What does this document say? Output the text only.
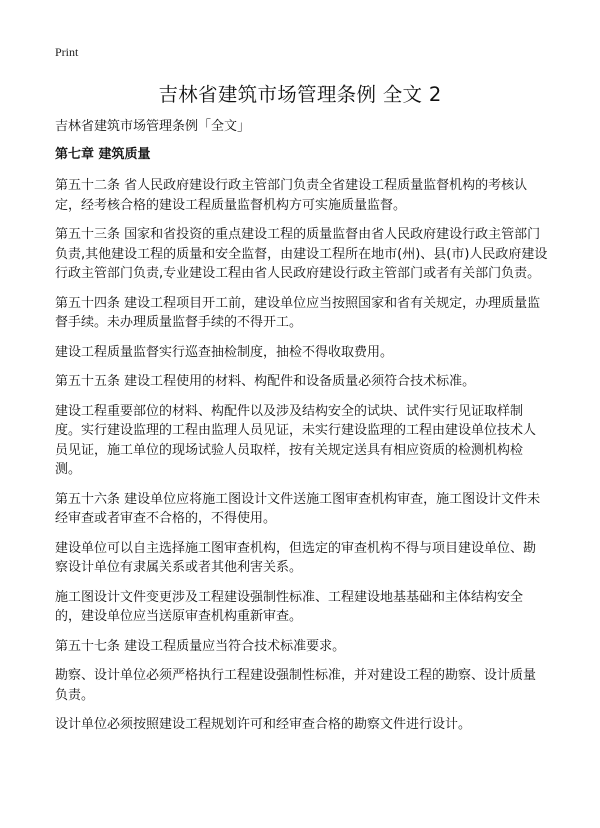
Print
吉林省建筑市场管理条例 全文 2

吉林省建筑市场管理条例「全文」

第七章 建筑质量

第五十二条 省人民政府建设行政主管部门负责全省建设工程质量监督机构的考核认定，经考核合格的建设工程质量监督机构方可实施质量监督。

第五十三条 国家和省投资的重点建设工程的质量监督由省人民政府建设行政主管部门负责,其他建设工程的质量和安全监督，由建设工程所在地市(州)、县(市)人民政府建设行政主管部门负责,专业建设工程由省人民政府建设行政主管部门或者有关部门负责。

第五十四条 建设工程项目开工前，建设单位应当按照国家和省有关规定，办理质量监督手续。未办理质量监督手续的不得开工。

建设工程质量监督实行巡查抽检制度，抽检不得收取费用。

第五十五条 建设工程使用的材料、构配件和设备质量必须符合技术标准。

建设工程重要部位的材料、构配件以及涉及结构安全的试块、试件实行见证取样制度。实行建设监理的工程由监理人员见证，未实行建设监理的工程由建设单位技术人员见证，施工单位的现场试验人员取样，按有关规定送具有相应资质的检测机构检测。

第五十六条 建设单位应将施工图设计文件送施工图审查机构审查，施工图设计文件未经审查或者审查不合格的，不得使用。

建设单位可以自主选择施工图审查机构，但选定的审查机构不得与项目建设单位、勘察设计单位有隶属关系或者其他利害关系。

施工图设计文件变更涉及工程建设强制性标准、工程建设地基基础和主体结构安全的，建设单位应当送原审查机构重新审查。

第五十七条 建设工程质量应当符合技术标准要求。

勘察、设计单位必须严格执行工程建设强制性标准，并对建设工程的勘察、设计质量负责。

设计单位必须按照建设工程规划许可和经审查合格的勘察文件进行设计。
